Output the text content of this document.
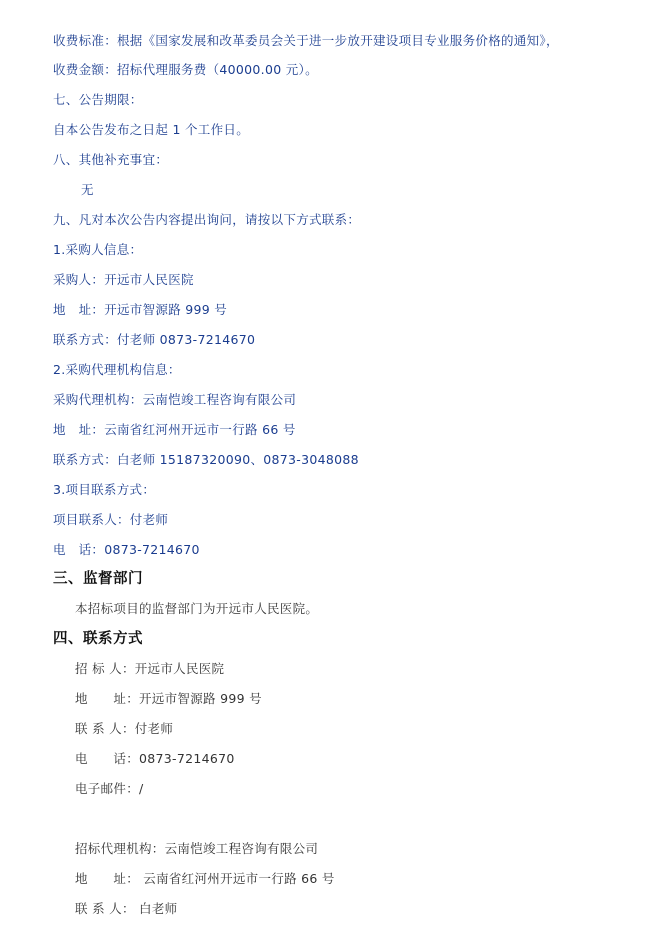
收费标准：根据《国家发展和改革委员会关于进一步放开建设项目专业服务价格的通知》，
收费金额：招标代理服务费（40000.00 元）。
七、公告期限：
自本公告发布之日起 1 个工作日。
八、其他补充事宜：
无
九、凡对本次公告内容提出询问，请按以下方式联系：
1.采购人信息：
采购人：开远市人民医院
地　址：开远市智源路 999 号
联系方式：付老师 0873-7214670
2.采购代理机构信息：
采购代理机构：云南恺竣工程咨询有限公司
地　址：云南省红河州开远市一行路 66 号
联系方式：白老师 15187320090、0873-3048088
3.项目联系方式：
项目联系人：付老师
电　话：0873-7214670
三、监督部门
本招标项目的监督部门为开远市人民医院。
四、联系方式
招 标 人：开远市人民医院
地　　址：开远市智源路 999 号
联 系 人：付老师
电　　话：0873-7214670
电子邮件：/
招标代理机构：云南恺竣工程咨询有限公司
地　　址： 云南省红河州开远市一行路 66 号
联 系 人： 白老师
